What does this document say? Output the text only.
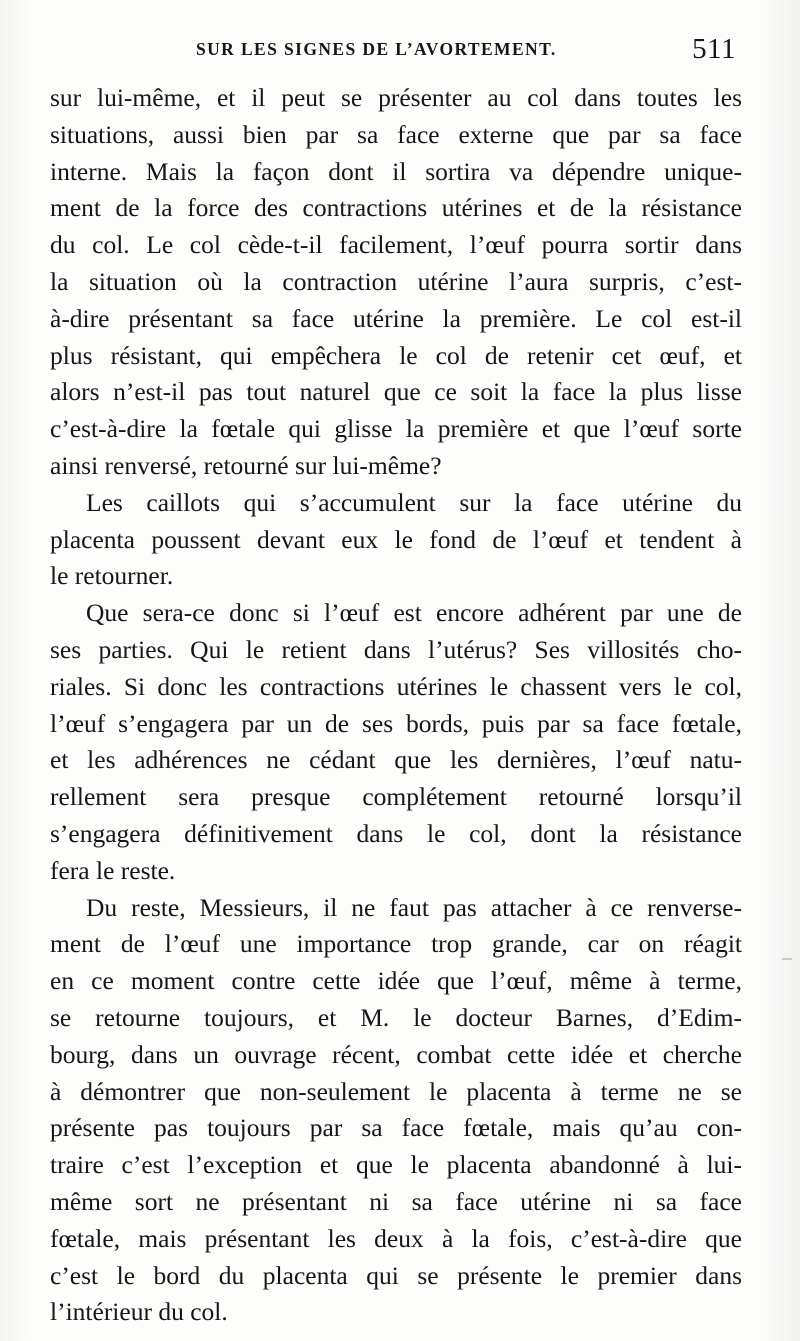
SUR LES SIGNES DE L’AVORTEMENT.	511
sur lui-même, et il peut se présenter au col dans toutes les
situations, aussi bien par sa face externe que par sa face
interne. Mais la façon dont il sortira va dépendre unique-
ment de la force des contractions utérines et de la résistance
du col. Le col cède-t-il facilement, l’œuf pourra sortir dans
la situation où la contraction utérine l’aura surpris, c’est-
à-dire présentant sa face utérine la première. Le col est-il
plus résistant, qui empêchera le col de retenir cet œuf, et
alors n’est-il pas tout naturel que ce soit la face la plus lisse
c’est-à-dire la fœtale qui glisse la première et que l’œuf sorte
ainsi renversé, retourné sur lui-même?
Les caillots qui s’accumulent sur la face utérine du
placenta poussent devant eux le fond de l’œuf et tendent à
le retourner.
Que sera-ce donc si l’œuf est encore adhérent par une de
ses parties. Qui le retient dans l’utérus? Ses villosités cho-
riales. Si donc les contractions utérines le chassent vers le col,
l’œuf s’engagera par un de ses bords, puis par sa face fœtale,
et les adhérences ne cédant que les dernières, l’œuf natu-
rellement sera presque complétement retourné lorsqu’il
s’engagera définitivement dans le col, dont la résistance
fera le reste.
Du reste, Messieurs, il ne faut pas attacher à ce renverse-
ment de l’œuf une importance trop grande, car on réagit
en ce moment contre cette idée que l’œuf, même à terme,
se retourne toujours, et M. le docteur Barnes, d’Edim-
bourg, dans un ouvrage récent, combat cette idée et cherche
à démontrer que non-seulement le placenta à terme ne se
présente pas toujours par sa face fœtale, mais qu’au con-
traire c’est l’exception et que le placenta abandonné à lui-
même sort ne présentant ni sa face utérine ni sa face
fœtale, mais présentant les deux à la fois, c’est-à-dire que
c’est le bord du placenta qui se présente le premier dans
l’intérieur du col.
